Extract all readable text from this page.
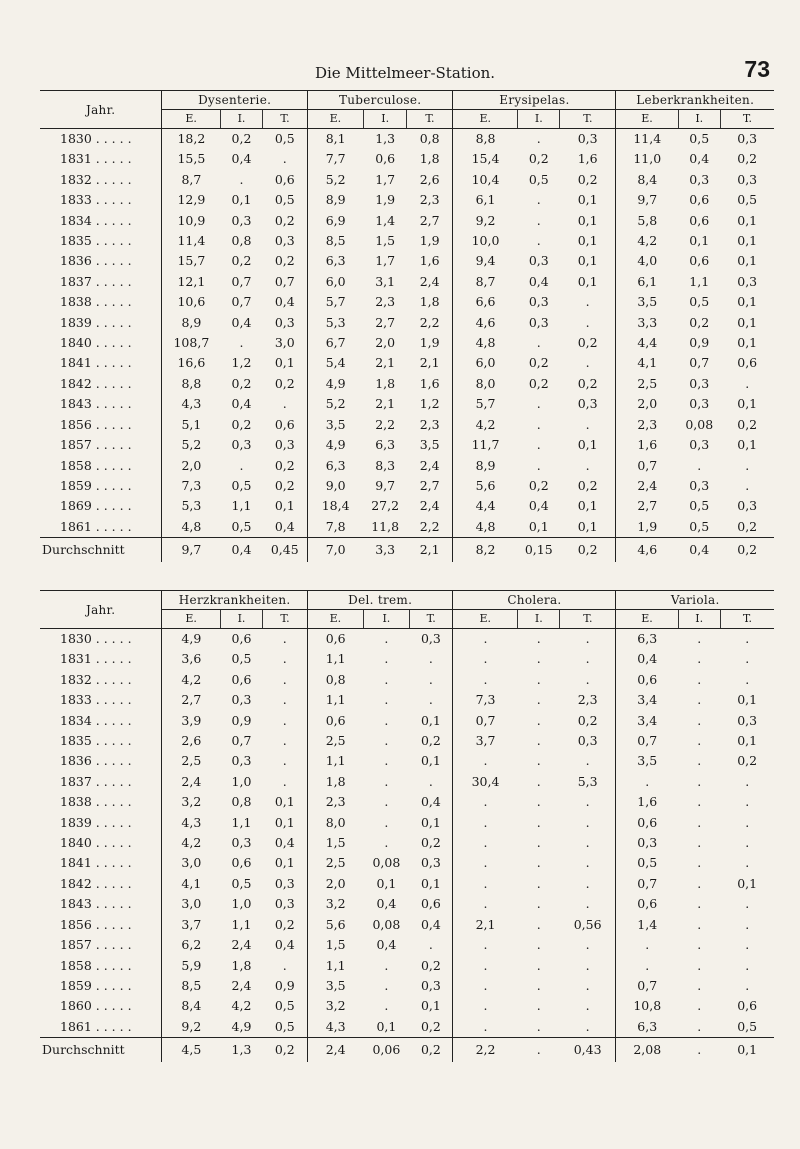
Die Mittelmeer-Station.	73
Jahr.	Dysenterie.			Tuberculose.			Erysipelas.			Leberkrankheiten.		
	E.	I.	T.	E.	I.	T.	E.	I.	T.	E.	I.	T.
1830 . . . . .	18,2	0,2	0,5	8,1	1,3	0,8	8,8	.	0,3	11,4	0,5	0,3
1831 . . . . .	15,5	0,4	.	7,7	0,6	1,8	15,4	0,2	1,6	11,0	0,4	0,2
1832 . . . . .	8,7	.	0,6	5,2	1,7	2,6	10,4	0,5	0,2	8,4	0,3	0,3
1833 . . . . .	12,9	0,1	0,5	8,9	1,9	2,3	6,1	.	0,1	9,7	0,6	0,5
1834 . . . . .	10,9	0,3	0,2	6,9	1,4	2,7	9,2	.	0,1	5,8	0,6	0,1
1835 . . . . .	11,4	0,8	0,3	8,5	1,5	1,9	10,0	.	0,1	4,2	0,1	0,1
1836 . . . . .	15,7	0,2	0,2	6,3	1,7	1,6	9,4	0,3	0,1	4,0	0,6	0,1
1837 . . . . .	12,1	0,7	0,7	6,0	3,1	2,4	8,7	0,4	0,1	6,1	1,1	0,3
1838 . . . . .	10,6	0,7	0,4	5,7	2,3	1,8	6,6	0,3	.	3,5	0,5	0,1
1839 . . . . .	8,9	0,4	0,3	5,3	2,7	2,2	4,6	0,3	.	3,3	0,2	0,1
1840 . . . . .	108,7	.	3,0	6,7	2,0	1,9	4,8	.	0,2	4,4	0,9	0,1
1841 . . . . .	16,6	1,2	0,1	5,4	2,1	2,1	6,0	0,2	.	4,1	0,7	0,6
1842 . . . . .	8,8	0,2	0,2	4,9	1,8	1,6	8,0	0,2	0,2	2,5	0,3	.
1843 . . . . .	4,3	0,4	.	5,2	2,1	1,2	5,7	.	0,3	2,0	0,3	0,1
1856 . . . . .	5,1	0,2	0,6	3,5	2,2	2,3	4,2	.	.	2,3	0,08	0,2
1857 . . . . .	5,2	0,3	0,3	4,9	6,3	3,5	11,7	.	0,1	1,6	0,3	0,1
1858 . . . . .	2,0	.	0,2	6,3	8,3	2,4	8,9	.	.	0,7	.	.
1859 . . . . .	7,3	0,5	0,2	9,0	9,7	2,7	5,6	0,2	0,2	2,4	0,3	.
1869 . . . . .	5,3	1,1	0,1	18,4	27,2	2,4	4,4	0,4	0,1	2,7	0,5	0,3
1861 . . . . .	4,8	0,5	0,4	7,8	11,8	2,2	4,8	0,1	0,1	1,9	0,5	0,2
Durchschnitt	9,7	0,4	0,45	7,0	3,3	2,1	8,2	0,15	0,2	4,6	0,4	0,2
Jahr.	Herzkrankheiten.			Del. trem.			Cholera.			Variola.		
	E.	I.	T.	E.	I.	T.	E.	I.	T.	E.	I.	T.
1830 . . . . .	4,9	0,6	.	0,6	.	0,3	.	.	.	6,3	.	.
1831 . . . . .	3,6	0,5	.	1,1	.	.	.	.	.	0,4	.	.
1832 . . . . .	4,2	0,6	.	0,8	.	.	.	.	.	0,6	.	.
1833 . . . . .	2,7	0,3	.	1,1	.	.	7,3	.	2,3	3,4	.	0,1
1834 . . . . .	3,9	0,9	.	0,6	.	0,1	0,7	.	0,2	3,4	.	0,3
1835 . . . . .	2,6	0,7	.	2,5	.	0,2	3,7	.	0,3	0,7	.	0,1
1836 . . . . .	2,5	0,3	.	1,1	.	0,1	.	.	.	3,5	.	0,2
1837 . . . . .	2,4	1,0	.	1,8	.	.	30,4	.	5,3	.	.	.
1838 . . . . .	3,2	0,8	0,1	2,3	.	0,4	.	.	.	1,6	.	.
1839 . . . . .	4,3	1,1	0,1	8,0	.	0,1	.	.	.	0,6	.	.
1840 . . . . .	4,2	0,3	0,4	1,5	.	0,2	.	.	.	0,3	.	.
1841 . . . . .	3,0	0,6	0,1	2,5	0,08	0,3	.	.	.	0,5	.	.
1842 . . . . .	4,1	0,5	0,3	2,0	0,1	0,1	.	.	.	0,7	.	0,1
1843 . . . . .	3,0	1,0	0,3	3,2	0,4	0,6	.	.	.	0,6	.	.
1856 . . . . .	3,7	1,1	0,2	5,6	0,08	0,4	2,1	.	0,56	1,4	.	.
1857 . . . . .	6,2	2,4	0,4	1,5	0,4	.	.	.	.	.	.	.
1858 . . . . .	5,9	1,8	.	1,1	.	0,2	.	.	.	.	.	.
1859 . . . . .	8,5	2,4	0,9	3,5	.	0,3	.	.	.	0,7	.	.
1860 . . . . .	8,4	4,2	0,5	3,2	.	0,1	.	.	.	10,8	.	0,6
1861 . . . . .	9,2	4,9	0,5	4,3	0,1	0,2	.	.	.	6,3	.	0,5
Durchschnitt	4,5	1,3	0,2	2,4	0,06	0,2	2,2	.	0,43	2,08	.	0,1
